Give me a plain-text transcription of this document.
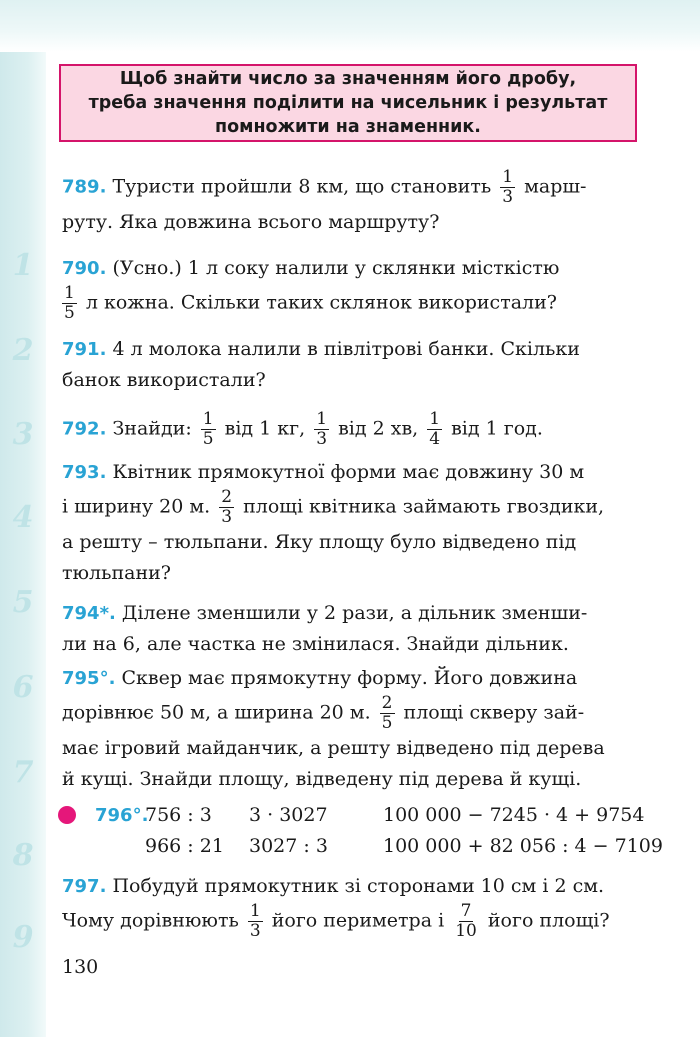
1
2
3
4
5
6
7
8
9
Щоб знайти число за значенням його дробу,
треба значення поділити на чисельник і результат
помножити на знаменник.
789. Туристи пройшли 8 км, що становить $\frac{1}{3}$ марш-
руту. Яка довжина всього маршруту?
790. (Усно.) 1 л соку налили у склянки місткістю
$\frac{1}{5}$ л кожна. Скільки таких склянок використали?
791. 4 л молока налили в півлітрові банки. Скільки
банок використали?
792. Знайди: $\frac{1}{5}$ від 1 кг, $\frac{1}{3}$ від 2 хв, $\frac{1}{4}$ від 1 год.
793. Квітник прямокутної форми має довжину 30 м
і ширину 20 м. $\frac{2}{3}$ площі квітника займають гвоздики,
а решту – тюльпани. Яку площу було відведено під
тюльпани?
794*. Ділене зменшили у 2 рази, а дільник зменши-
ли на 6, але частка не змінилася. Знайди дільник.
795°. Сквер має прямокутну форму. Його довжина
дорівнює 50 м, а ширина 20 м. $\frac{2}{5}$ площі скверу зай-
має ігровий майданчик, а решту відведено під дерева
й кущі. Знайди площу, відведену під дерева й кущі.
796°.
756 : 3	3 · 3027	100 000 − 7245 · 4 + 9754
966 : 21	3027 : 3	100 000 + 82 056 : 4 − 7109
797. Побудуй прямокутник зі сторонами 10 см і 2 см.
Чому дорівнюють $\frac{1}{3}$ його периметра і $\frac{7}{10}$ його площі?
130
